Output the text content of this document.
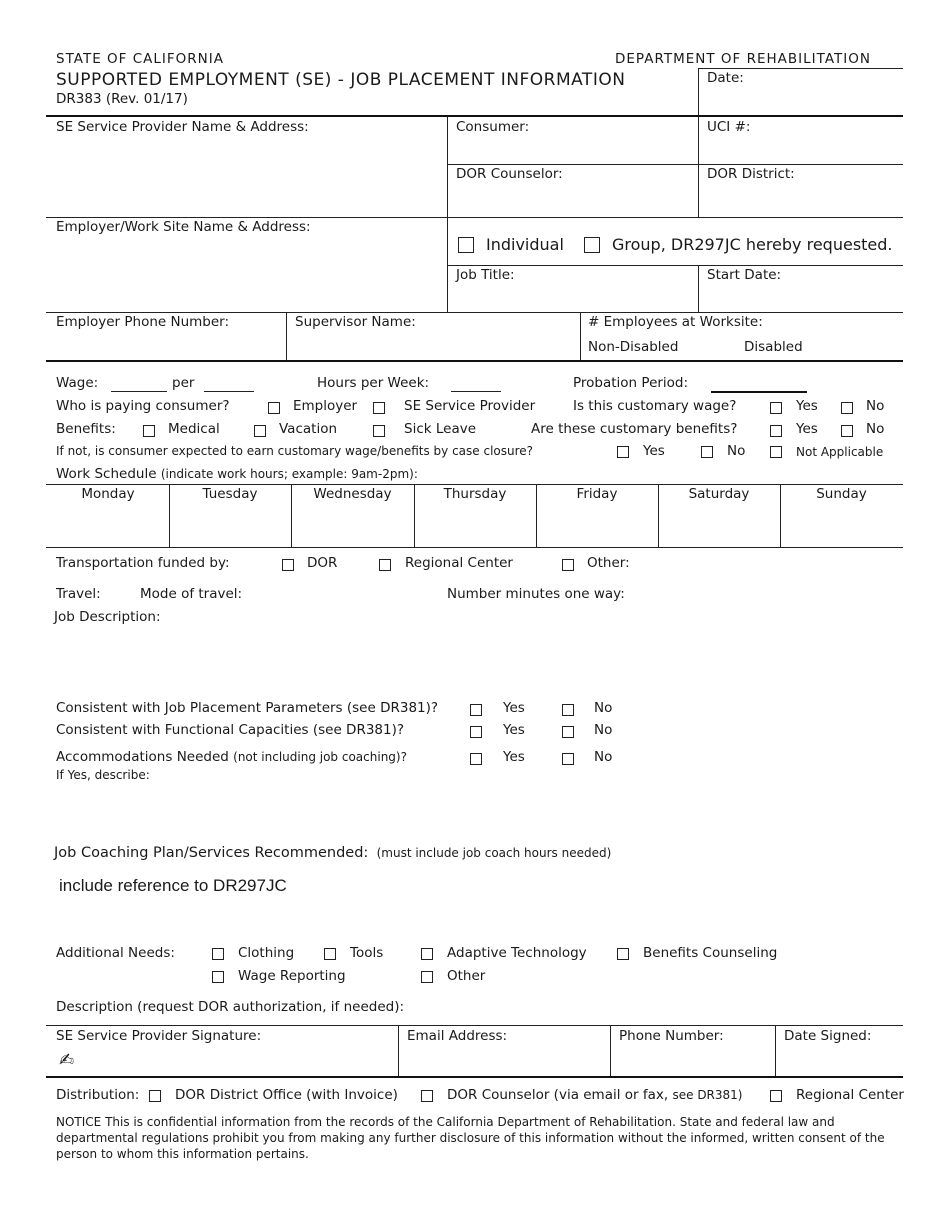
STATE OF CALIFORNIA	DEPARTMENT OF REHABILITATION
SUPPORTED EMPLOYMENT (SE) - JOB PLACEMENT INFORMATION
DR383 (Rev. 01/17)
Date:
SE Service Provider Name & Address:	Consumer:	UCI #:
DOR Counselor:	DOR District:
Employer/Work Site Name & Address:
Individual	Group, DR297JC hereby requested.
Job Title:	Start Date:
Employer Phone Number:	Supervisor Name:	# Employees at Worksite:
Non-Disabled	Disabled
Wage:	per	Hours per Week:	Probation Period:
Who is paying consumer?	Employer	SE Service Provider	Is this customary wage?	Yes	No
Benefits:	Medical	Vacation	Sick Leave	Are these customary benefits?	Yes	No
If not, is consumer expected to earn customary wage/benefits by case closure?	Yes	No	Not Applicable
Work Schedule (indicate work hours; example: 9am-2pm):
Monday	Tuesday	Wednesday	Thursday	Friday	Saturday	Sunday
Transportation funded by:	DOR	Regional Center	Other:
Travel:	Mode of travel:	Number minutes one way:
Job Description:
Consistent with Job Placement Parameters (see DR381)?	Yes	No
Consistent with Functional Capacities (see DR381)?	Yes	No
Accommodations Needed (not including job coaching)?	Yes	No
If Yes, describe:
Job Coaching Plan/Services Recommended: (must include job coach hours needed)
include reference to DR297JC
Additional Needs:	Clothing	Tools	Adaptive Technology	Benefits Counseling
Wage Reporting	Other
Description (request DOR authorization, if needed):
SE Service Provider Signature:
✍
Email Address:	Phone Number:	Date Signed:
Distribution:	DOR District Office (with Invoice)	DOR Counselor (via email or fax, see DR381)	Regional Center
NOTICE This is confidential information from the records of the California Department of Rehabilitation. State and federal law and departmental regulations prohibit you from making any further disclosure of this information without the informed, written consent of the person to whom this information pertains.
